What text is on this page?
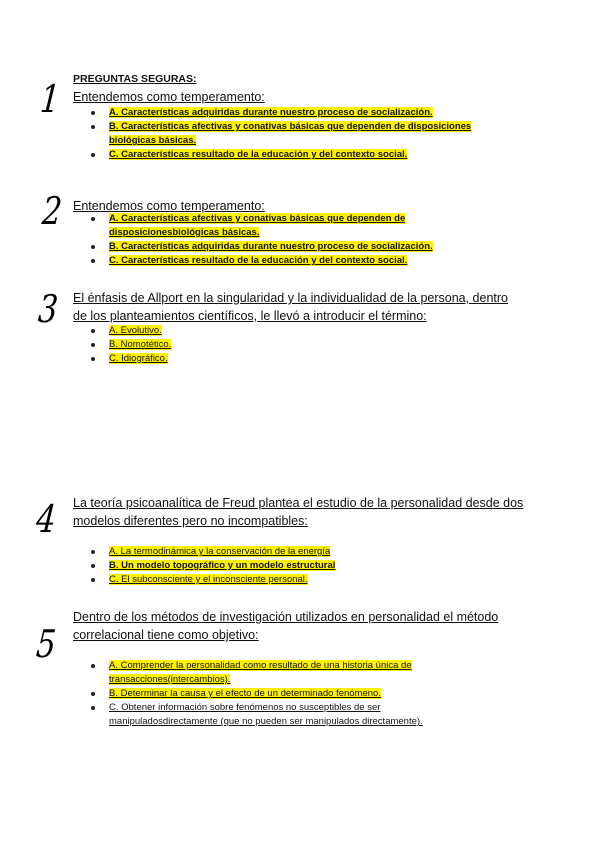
PREGUNTAS SEGURAS:
1 Entendemos como temperamento:

A. Características adquiridas durante nuestro proceso de socialización.
B. Características afectivas y conativas básicas que dependen de disposiciones biológicas básicas.
C. Características resultado de la educación y del contexto social.
2 Entendemos como temperamento:

A. Características afectivas y conativas básicas que dependen de disposicionesbiológicas básicas.
B. Características adquiridas durante nuestro proceso de socialización.
C. Características resultado de la educación y del contexto social.
3 El énfasis de Allport en la singularidad y la individualidad de la persona, dentro de los planteamientos científicos, le llevó a introducir el término:

A. Evolutivo.
B. Nomotético.
C. Idiográfico.
4 La teoría psicoanalítica de Freud plantea el estudio de la personalidad desde dos modelos diferentes pero no incompatibles:

A. La termodinámica y la conservación de la energía
B. Un modelo topográfico y un modelo estructural
C. El subconsciente y el inconsciente personal.
5

Dentro de los métodos de investigación utilizados en personalidad el método correlacional tiene como objetivo:

A. Comprender la personalidad como resultado de una historia única de transacciones(intercambios).
B. Determinar la causa y el efecto de un determinado fenómeno.
C. Obtener información sobre fenómenos no susceptibles de ser manipuladosdirectamente (que no pueden ser manipulados directamente).
